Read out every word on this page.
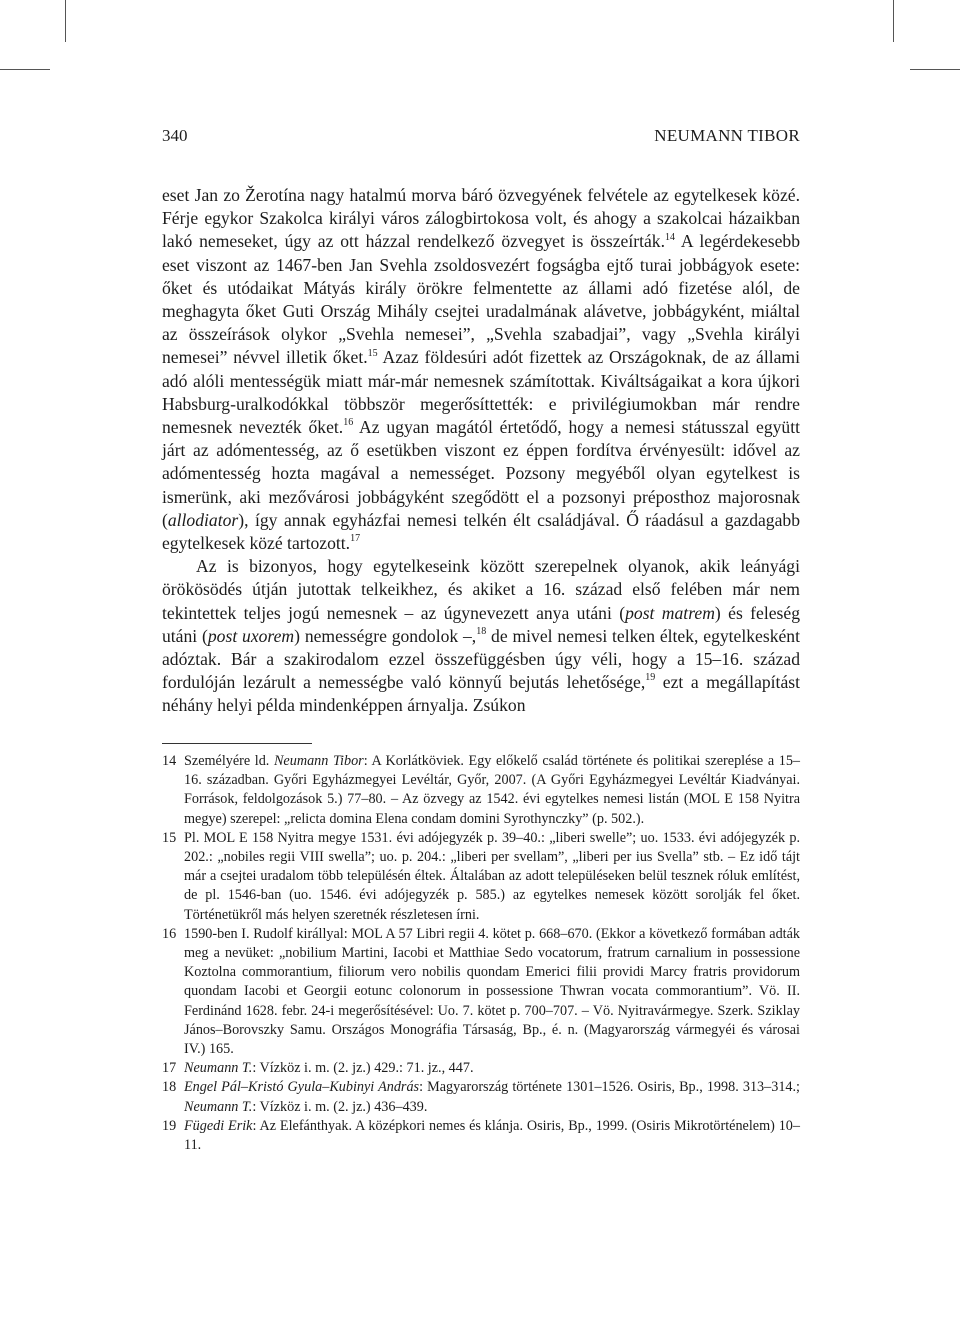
340	NEUMANN TIBOR

eset Jan zo Žerotína nagy hatalmú morva báró özvegyének felvétele az egytelkesek közé. Férje egykor Szakolca királyi város zálogbirtokosa volt, és ahogy a szakolcai házaikban lakó nemeseket, úgy az ott házzal rendelkező özvegyet is összeírták.$^{14}$ A legérdekesebb eset viszont az 1467-ben Jan Svehla zsoldosvezért fogságba ejtő turai jobbágyok esete: őket és utódaikat Mátyás király örökre felmentette az állami adó fizetése alól, de meghagyta őket Guti Ország Mihály csejtei uradalmának alávetve, jobbágyként, miáltal az összeírások olykor „Svehla nemesei”, „Svehla szabadjai”, vagy „Svehla királyi nemesei” névvel illetik őket.$^{15}$ Azaz földesúri adót fizettek az Országoknak, de az állami adó alóli mentességük miatt már-már nemesnek számítottak. Kiváltságaikat a kora újkori Habsburg-uralkodókkal többször megerősíttették: e privilégiumokban már rendre nemesnek nevezték őket.$^{16}$ Az ugyan magától értetődő, hogy a nemesi státusszal együtt járt az adómentesség, az ő esetükben viszont ez éppen fordítva érvényesült: idővel az adómentesség hozta magával a nemességet. Pozsony megyéből olyan egytelkest is ismerünk, aki mezővárosi jobbágyként szegődött el a pozsonyi préposthoz majorosnak (allodiator), így annak egyházfai nemesi telkén élt családjával. Ő ráadásul a gazdagabb egytelkesek közé tartozott.$^{17}$

Az is bizonyos, hogy egytelkeseink között szerepelnek olyanok, akik leányági örökösödés útján jutottak telkeikhez, és akiket a 16. század első felében már nem tekintettek teljes jogú nemesnek – az úgynevezett anya utáni (post matrem) és feleség utáni (post uxorem) nemességre gondolok –,$^{18}$ de mivel nemesi telken éltek, egytelkesként adóztak. Bár a szakirodalom ezzel összefüggésben úgy véli, hogy a 15–16. század fordulóján lezárult a nemességbe való könnyű bejutás lehetősége,$^{19}$ ezt a megállapítást néhány helyi példa mindenképpen árnyalja. Zsúkon

14 Személyére ld. Neumann Tibor: A Korlátköviek. Egy előkelő család története és politikai szereplése a 15–16. században. Győri Egyházmegyei Levéltár, Győr, 2007. (A Győri Egyházmegyei Levéltár Kiadványai. Források, feldolgozások 5.) 77–80. – Az özvegy az 1542. évi egytelkes nemesi listán (MOL E 158 Nyitra megye) szerepel: „relicta domina Elena condam domini Syrothynczky” (p. 502.).
15 Pl. MOL E 158 Nyitra megye 1531. évi adójegyzék p. 39–40.: „liberi swelle”; uo. 1533. évi adójegyzék p. 202.: „nobiles regii VIII swella”; uo. p. 204.: „liberi per svellam”, „liberi per ius Svella” stb. – Ez idő tájt már a csejtei uradalom több településén éltek. Általában az adott településeken belül tesznek róluk említést, de pl. 1546-ban (uo. 1546. évi adójegyzék p. 585.) az egytelkes nemesek között sorolják fel őket. Történetükről más helyen szeretnék részletesen írni.
16 1590-ben I. Rudolf királlyal: MOL A 57 Libri regii 4. kötet p. 668–670. (Ekkor a következő formában adták meg a nevüket: „nobilium Martini, Iacobi et Matthiae Sedo vocatorum, fratrum carnalium in possessione Koztolna commorantium, filiorum vero nobilis quondam Emerici filii providi Marcy fratris providorum quondam Iacobi et Georgii eotunc colonorum in possessione Thwran vocata commorantium”. Vö. II. Ferdinánd 1628. febr. 24-i megerősítésével: Uo. 7. kötet p. 700–707. – Vö. Nyitravármegye. Szerk. Sziklay János–Borovszky Samu. Országos Monográfia Társaság, Bp., é. n. (Magyarország vármegyéi és városai IV.) 165.
17 Neumann T.: Vízköz i. m. (2. jz.) 429.: 71. jz., 447.
18 Engel Pál–Kristó Gyula–Kubinyi András: Magyarország története 1301–1526. Osiris, Bp., 1998. 313–314.; Neumann T.: Vízköz i. m. (2. jz.) 436–439.
19 Fügedi Erik: Az Elefánthyak. A középkori nemes és klánja. Osiris, Bp., 1999. (Osiris Mikrotörténelem) 10–11.
